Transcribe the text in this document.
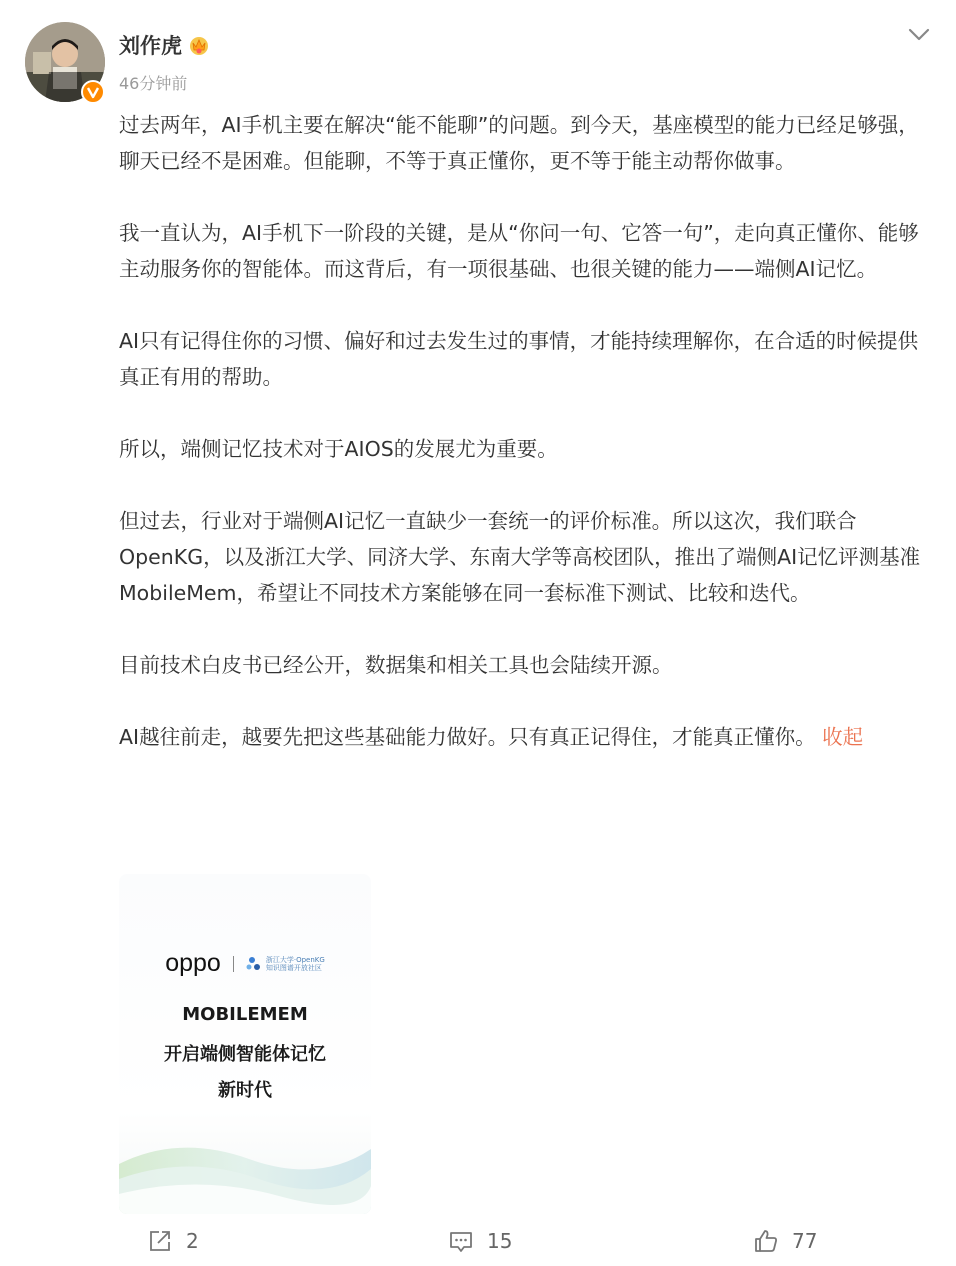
刘作虎
46分钟前

过去两年，AI手机主要在解决“能不能聊”的问题。到今天，基座模型的能力已经足够强，聊天已经不是困难。但能聊，不等于真正懂你，更不等于能主动帮你做事。

我一直认为，AI手机下一阶段的关键，是从“你问一句、它答一句”，走向真正懂你、能够主动服务你的智能体。而这背后，有一项很基础、也很关键的能力——端侧AI记忆。

AI只有记得住你的习惯、偏好和过去发生过的事情，才能持续理解你，在合适的时候提供真正有用的帮助。

所以，端侧记忆技术对于AIOS的发展尤为重要。

但过去，行业对于端侧AI记忆一直缺少一套统一的评价标准。所以这次，我们联合 OpenKG，以及浙江大学、同济大学、东南大学等高校团队，推出了端侧AI记忆评测基准 MobileMem，希望让不同技术方案能够在同一套标准下测试、比较和迭代。

目前技术白皮书已经公开，数据集和相关工具也会陆续开源。

AI越往前走，越要先把这些基础能力做好。只有真正记得住，才能真正懂你。 收起

oppo	浙江大学·OpenKG
知识图谱开放社区
MOBILEMEM
开启端侧智能体记忆
新时代
2	15	77
